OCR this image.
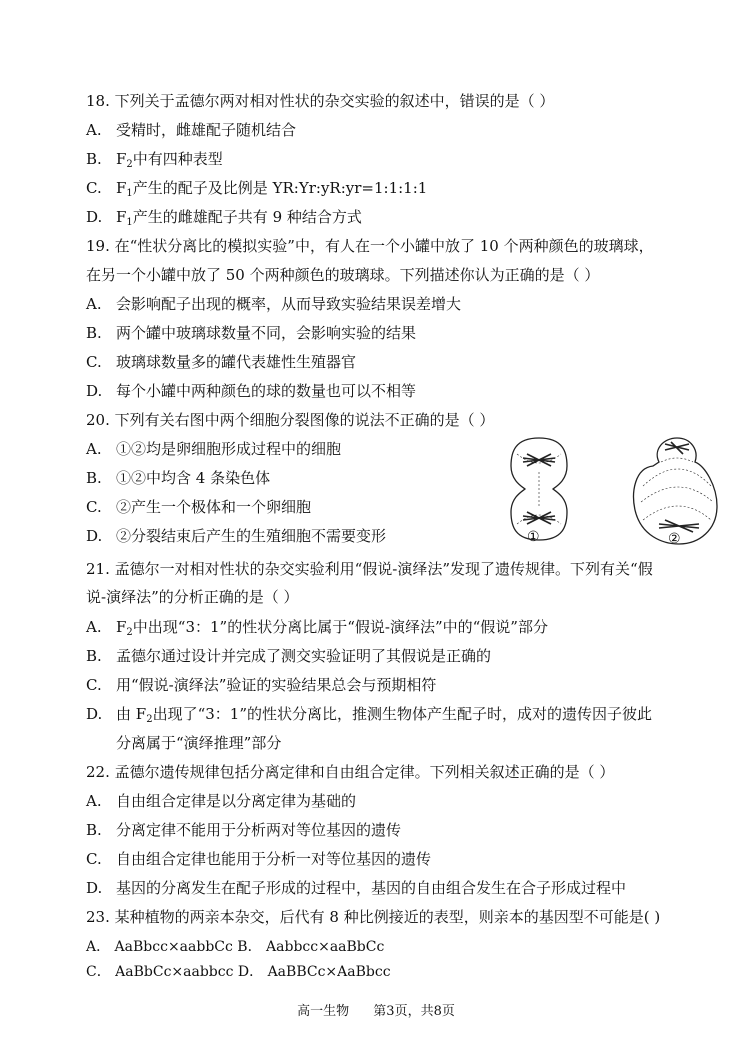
18. 下列关于孟德尔两对相对性状的杂交实验的叙述中，错误的是（ ）
A. 受精时，雌雄配子随机结合
B. $F_2$中有四种表型
C. $F_1$产生的配子及比例是 YR:Yr:yR:yr=1:1:1:1
D. $F_1$产生的雌雄配子共有 9 种结合方式
19. 在“性状分离比的模拟实验”中，有人在一个小罐中放了 10 个两种颜色的玻璃球，
在另一个小罐中放了 50 个两种颜色的玻璃球。下列描述你认为正确的是（ ）
A. 会影响配子出现的概率，从而导致实验结果误差增大
B. 两个罐中玻璃球数量不同，会影响实验的结果
C. 玻璃球数量多的罐代表雄性生殖器官
D. 每个小罐中两种颜色的球的数量也可以不相等
20. 下列有关右图中两个细胞分裂图像的说法不正确的是（ ）
A. ①②均是卵细胞形成过程中的细胞
B. ①②中均含 4 条染色体
C. ②产生一个极体和一个卵细胞
D. ②分裂结束后产生的生殖细胞不需要变形	①	②
21. 孟德尔一对相对性状的杂交实验利用“假说-演绎法”发现了遗传规律。下列有关“假
说-演绎法”的分析正确的是（ ）
A. $F_2$中出现“3：1”的性状分离比属于“假说-演绎法”中的“假说”部分
B. 孟德尔通过设计并完成了测交实验证明了其假说是正确的
C. 用“假说-演绎法”验证的实验结果总会与预期相符
D. 由 $F_2$出现了“3：1”的性状分离比，推测生物体产生配子时，成对的遗传因子彼此
分离属于“演绎推理”部分
22. 孟德尔遗传规律包括分离定律和自由组合定律。下列相关叙述正确的是（ ）
A. 自由组合定律是以分离定律为基础的
B. 分离定律不能用于分析两对等位基因的遗传
C. 自由组合定律也能用于分析一对等位基因的遗传
D. 基因的分离发生在配子形成的过程中，基因的自由组合发生在合子形成过程中
23. 某种植物的两亲本杂交，后代有 8 种比例接近的表型，则亲本的基因型不可能是( )
A． AaBbcc×aabbCc B． Aabbcc×aaBbCc
C． AaBbCc×aabbcc D． AaBBCc×AaBbcc
高一生物 第3页，共8页
